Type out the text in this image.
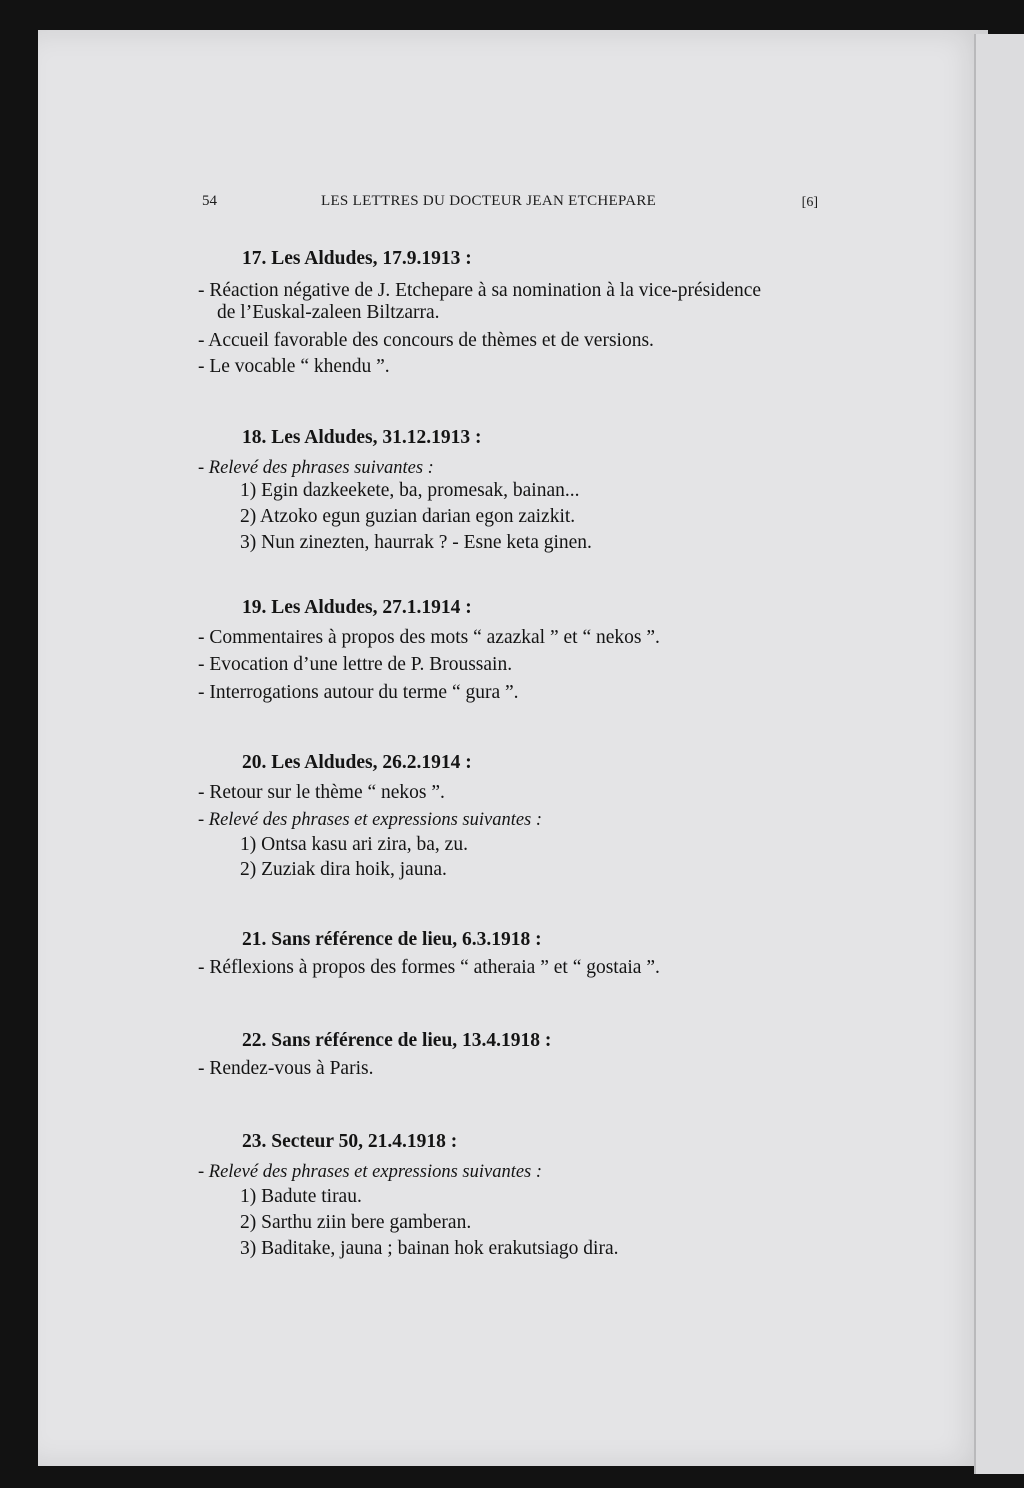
54	LES LETTRES DU DOCTEUR JEAN ETCHEPARE	[6]
17. Les Aldudes, 17.9.1913 :
- Réaction négative de J. Etchepare à sa nomination à la vice-présidence
de l’Euskal-zaleen Biltzarra.
- Accueil favorable des concours de thèmes et de versions.
- Le vocable “ khendu ”.
18. Les Aldudes, 31.12.1913 :
- Relevé des phrases suivantes :
1) Egin dazkeekete, ba, promesak, bainan...
2) Atzoko egun guzian darian egon zaizkit.
3) Nun zinezten, haurrak ? - Esne keta ginen.
19. Les Aldudes, 27.1.1914 :
- Commentaires à propos des mots “ azazkal ” et “ nekos ”.
- Evocation d’une lettre de P. Broussain.
- Interrogations autour du terme “ gura ”.
20. Les Aldudes, 26.2.1914 :
- Retour sur le thème “ nekos ”.
- Relevé des phrases et expressions suivantes :
1) Ontsa kasu ari zira, ba, zu.
2) Zuziak dira hoik, jauna.
21. Sans référence de lieu, 6.3.1918 :
- Réflexions à propos des formes “ atheraia ” et “ gostaia ”.
22. Sans référence de lieu, 13.4.1918 :
- Rendez-vous à Paris.
23. Secteur 50, 21.4.1918 :
- Relevé des phrases et expressions suivantes :
1) Badute tirau.
2) Sarthu ziin bere gamberan.
3) Baditake, jauna ; bainan hok erakutsiago dira.
